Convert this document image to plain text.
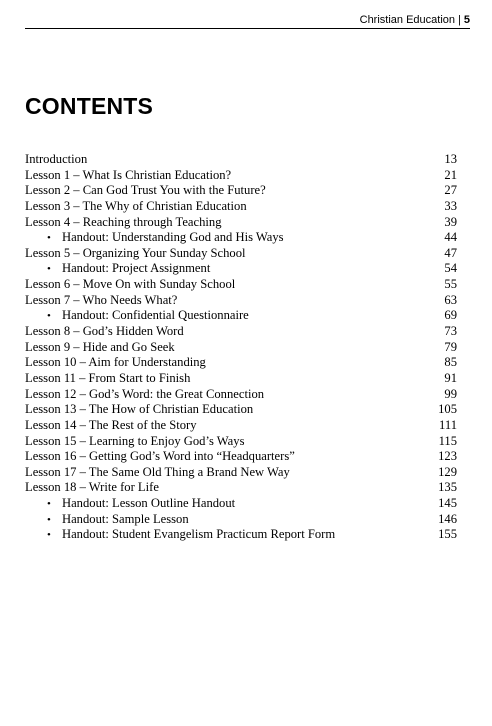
Christian Education | 5
CONTENTS
Introduction	13
Lesson 1 – What Is Christian Education?	21
Lesson 2 – Can God Trust You with the Future?	27
Lesson 3 – The Why of Christian Education	33
Lesson 4 – Reaching through Teaching	39
• Handout: Understanding God and His Ways	44
Lesson 5 – Organizing Your Sunday School	47
• Handout: Project Assignment	54
Lesson 6 – Move On with Sunday School	55
Lesson 7 – Who Needs What?	63
• Handout: Confidential Questionnaire	69
Lesson 8 – God’s Hidden Word	73
Lesson 9 – Hide and Go Seek	79
Lesson 10 – Aim for Understanding	85
Lesson 11 – From Start to Finish	91
Lesson 12 – God’s Word: the Great Connection	99
Lesson 13 – The How of Christian Education	105
Lesson 14 – The Rest of the Story	111
Lesson 15 – Learning to Enjoy God’s Ways	115
Lesson 16 – Getting God’s Word into “Headquarters”	123
Lesson 17 – The Same Old Thing a Brand New Way	129
Lesson 18 – Write for Life	135
• Handout: Lesson Outline Handout	145
• Handout: Sample Lesson	146
• Handout: Student Evangelism Practicum Report Form	155
